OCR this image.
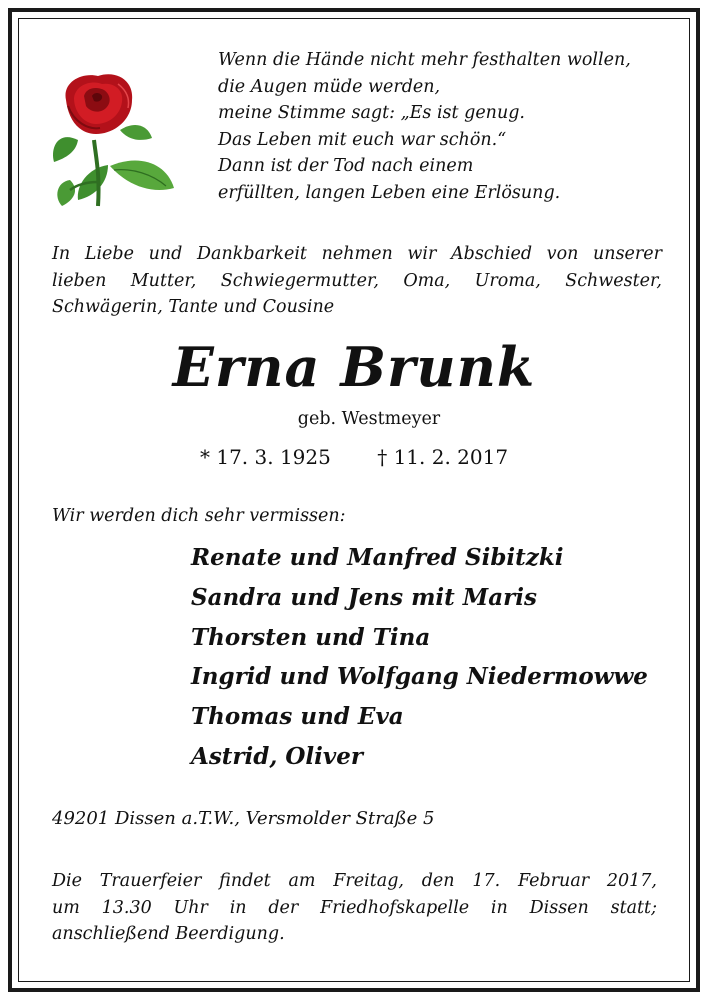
Wenn die Hände nicht mehr festhalten wollen,
die Augen müde werden,
meine Stimme sagt: „Es ist genug.
Das Leben mit euch war schön.“
Dann ist der Tod nach einem
erfüllten, langen Leben eine Erlösung.
In Liebe und Dankbarkeit nehmen wir Abschied von unserer
lieben Mutter, Schwiegermutter, Oma, Uroma, Schwester,
Schwägerin, Tante und Cousine
Erna Brunk
geb. Westmeyer
* 17. 3. 1925 † 11. 2. 2017
Wir werden dich sehr vermissen:
Renate und Manfred Sibitzki
Sandra und Jens mit Maris
Thorsten und Tina
Ingrid und Wolfgang Niedermowwe
Thomas und Eva
Astrid, Oliver
49201 Dissen a.T.W., Versmolder Straße 5
Die Trauerfeier findet am Freitag, den 17. Februar 2017,
um 13.30 Uhr in der Friedhofskapelle in Dissen statt;
anschließend Beerdigung.
